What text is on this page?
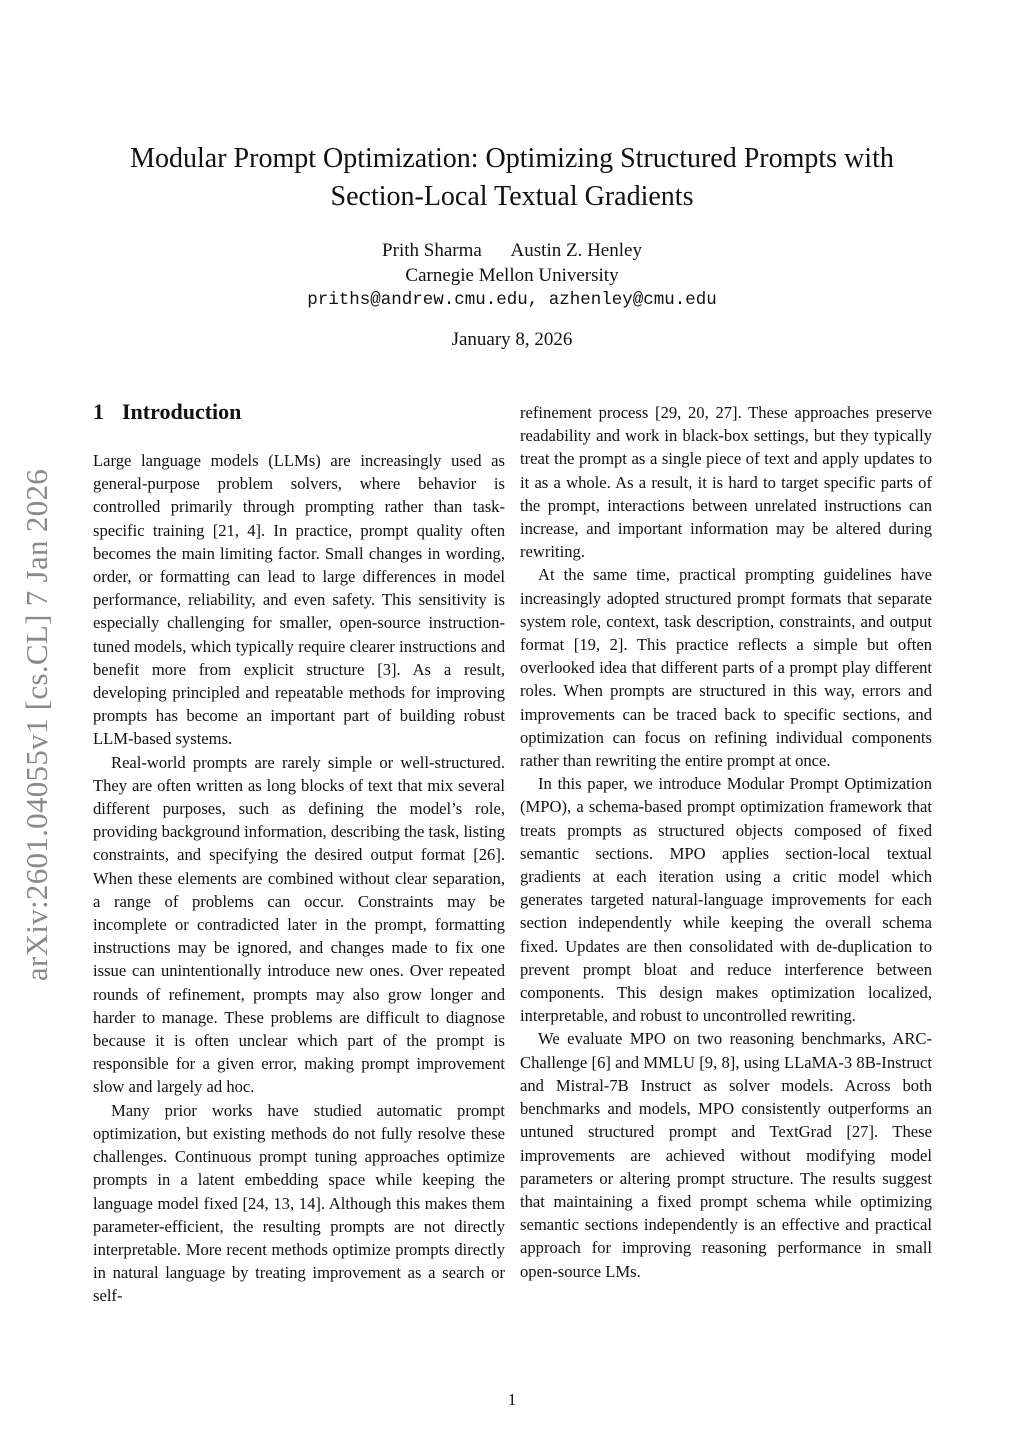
arXiv:2601.04055v1 [cs.CL] 7 Jan 2026
Modular Prompt Optimization: Optimizing Structured Prompts with
Section-Local Textual Gradients
Prith Sharma Austin Z. Henley
Carnegie Mellon University
priths@andrew.cmu.edu, azhenley@cmu.edu
January 8, 2026
1 Introduction

Large language models (LLMs) are increasingly used as general-purpose problem solvers, where behavior is controlled primarily through prompting rather than task-specific training [21, 4]. In practice, prompt quality often becomes the main limiting factor. Small changes in wording, order, or formatting can lead to large differences in model performance, reliability, and even safety. This sensitivity is especially challenging for smaller, open-source instruction-tuned models, which typically require clearer instructions and benefit more from explicit structure [3]. As a result, developing principled and repeatable methods for improving prompts has become an important part of building robust LLM-based systems.

Real-world prompts are rarely simple or well-structured. They are often written as long blocks of text that mix several different purposes, such as defining the model’s role, providing background information, describing the task, listing constraints, and specifying the desired output format [26]. When these elements are combined without clear separation, a range of problems can occur. Constraints may be incomplete or contradicted later in the prompt, formatting instructions may be ignored, and changes made to fix one issue can unintentionally introduce new ones. Over repeated rounds of refinement, prompts may also grow longer and harder to manage. These problems are difficult to diagnose because it is often unclear which part of the prompt is responsible for a given error, making prompt improvement slow and largely ad hoc.

Many prior works have studied automatic prompt optimization, but existing methods do not fully resolve these challenges. Continuous prompt tuning approaches optimize prompts in a latent embedding space while keeping the language model fixed [24, 13, 14]. Although this makes them parameter-efficient, the resulting prompts are not directly interpretable. More recent methods optimize prompts directly in natural language by treating improvement as a search or self-

refinement process [29, 20, 27]. These approaches preserve readability and work in black-box settings, but they typically treat the prompt as a single piece of text and apply updates to it as a whole. As a result, it is hard to target specific parts of the prompt, interactions between unrelated instructions can increase, and important information may be altered during rewriting.

At the same time, practical prompting guidelines have increasingly adopted structured prompt formats that separate system role, context, task description, constraints, and output format [19, 2]. This practice reflects a simple but often overlooked idea that different parts of a prompt play different roles. When prompts are structured in this way, errors and improvements can be traced back to specific sections, and optimization can focus on refining individual components rather than rewriting the entire prompt at once.

In this paper, we introduce Modular Prompt Optimization (MPO), a schema-based prompt optimization framework that treats prompts as structured objects composed of fixed semantic sections. MPO applies section-local textual gradients at each iteration using a critic model which generates targeted natural-language improvements for each section independently while keeping the overall schema fixed. Updates are then consolidated with de-duplication to prevent prompt bloat and reduce interference between components. This design makes optimization localized, interpretable, and robust to uncontrolled rewriting.

We evaluate MPO on two reasoning benchmarks, ARC-Challenge [6] and MMLU [9, 8], using LLaMA-3 8B-Instruct and Mistral-7B Instruct as solver models. Across both benchmarks and models, MPO consistently outperforms an untuned structured prompt and TextGrad [27]. These improvements are achieved without modifying model parameters or altering prompt structure. The results suggest that maintaining a fixed prompt schema while optimizing semantic sections independently is an effective and practical approach for improving reasoning performance in small open-source LMs.

1
